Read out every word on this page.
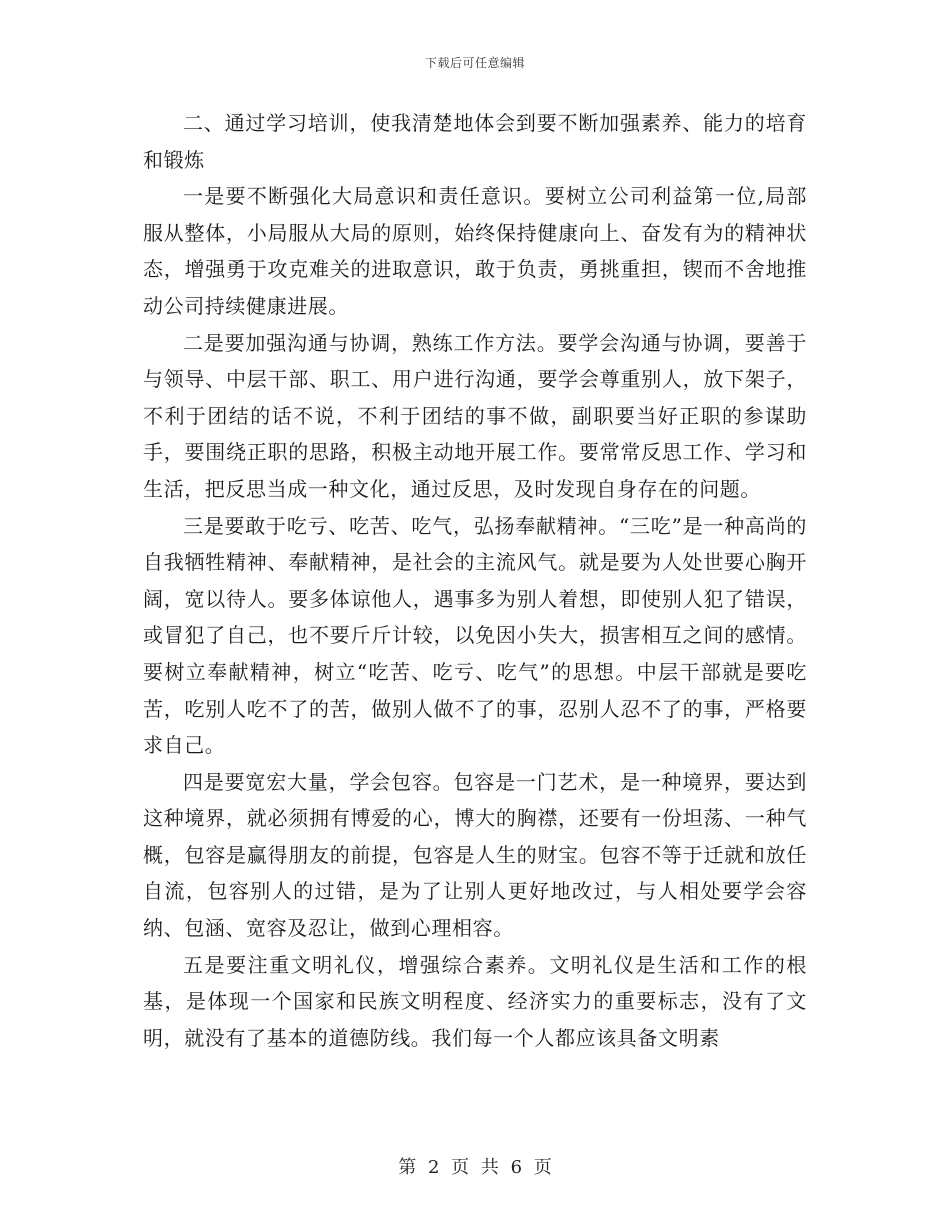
下载后可任意编辑

二、通过学习培训，使我清楚地体会到要不断加强素养、能力的培育和锻炼

一是要不断强化大局意识和责任意识。要树立公司利益第一位,局部服从整体，小局服从大局的原则，始终保持健康向上、奋发有为的精神状态，增强勇于攻克难关的进取意识，敢于负责，勇挑重担，锲而不舍地推动公司持续健康进展。

二是要加强沟通与协调，熟练工作方法。要学会沟通与协调，要善于与领导、中层干部、职工、用户进行沟通，要学会尊重别人，放下架子，不利于团结的话不说，不利于团结的事不做，副职要当好正职的参谋助手，要围绕正职的思路，积极主动地开展工作。要常常反思工作、学习和生活，把反思当成一种文化，通过反思，及时发现自身存在的问题。

三是要敢于吃亏、吃苦、吃气，弘扬奉献精神。“三吃”是一种高尚的自我牺牲精神、奉献精神，是社会的主流风气。就是要为人处世要心胸开阔，宽以待人。要多体谅他人，遇事多为别人着想，即使别人犯了错误，或冒犯了自己，也不要斤斤计较，以免因小失大，损害相互之间的感情。要树立奉献精神，树立“吃苦、吃亏、吃气”的思想。中层干部就是要吃苦，吃别人吃不了的苦，做别人做不了的事，忍别人忍不了的事，严格要求自己。

四是要宽宏大量，学会包容。包容是一门艺术，是一种境界，要达到这种境界，就必须拥有博爱的心，博大的胸襟，还要有一份坦荡、一种气概，包容是赢得朋友的前提，包容是人生的财宝。包容不等于迁就和放任自流，包容别人的过错，是为了让别人更好地改过，与人相处要学会容纳、包涵、宽容及忍让，做到心理相容。

五是要注重文明礼仪，增强综合素养。文明礼仪是生活和工作的根基，是体现一个国家和民族文明程度、经济实力的重要标志，没有了文明，就没有了基本的道德防线。我们每一个人都应该具备文明素

第 2 页 共 6 页
